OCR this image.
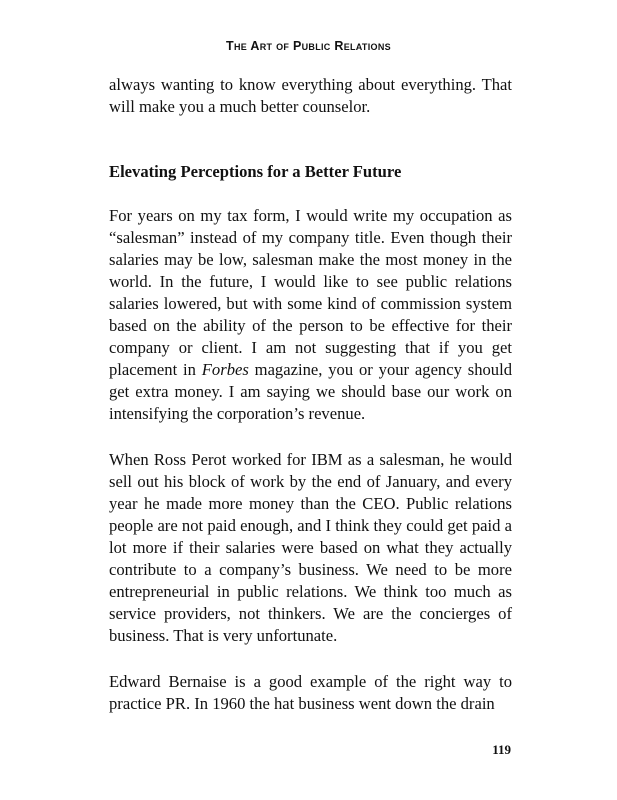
The Art of Public Relations

always wanting to know everything about everything. That will make you a much better counselor.

Elevating Perceptions for a Better Future

For years on my tax form, I would write my occupation as “salesman” instead of my company title. Even though their salaries may be low, salesman make the most money in the world. In the future, I would like to see public relations salaries lowered, but with some kind of commission system based on the ability of the person to be effective for their company or client. I am not suggesting that if you get placement in Forbes magazine, you or your agency should get extra money. I am saying we should base our work on intensifying the corporation’s revenue.

When Ross Perot worked for IBM as a salesman, he would sell out his block of work by the end of January, and every year he made more money than the CEO. Public relations people are not paid enough, and I think they could get paid a lot more if their salaries were based on what they actually contribute to a company’s business. We need to be more entrepreneurial in public relations. We think too much as service providers, not thinkers. We are the concierges of business. That is very unfortunate.

Edward Bernaise is a good example of the right way to practice PR. In 1960 the hat business went down the drain

119
